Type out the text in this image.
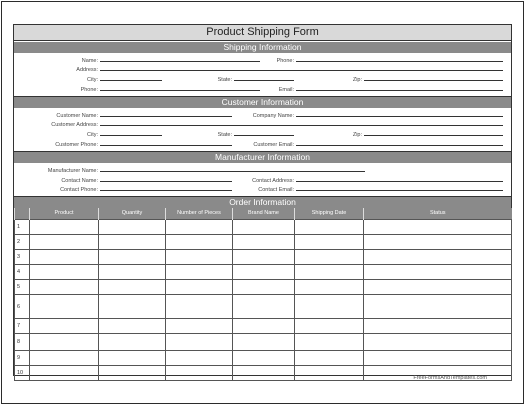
Product Shipping Form
Shipping Information
Name:	Phone:
Address:
City:	State:	Zip:
Phone:	Email:
Customer Information
Customer Name:	Company Name:
Customer Address:
City:	State:	Zip:
Customer Phone:	Customer Email:
Manufacturer Information
Manufacturer Name:
Contact Name:	Contact Address:
Contact Phone:	Contact Email:
Order Information
	Product	Quantity	Number of Pieces	Brand Name	Shipping Date	Status
1						
2						
3						
4						
5						
6						
7						
8						
9						
10						
FreeFormsAndTemplates.com
